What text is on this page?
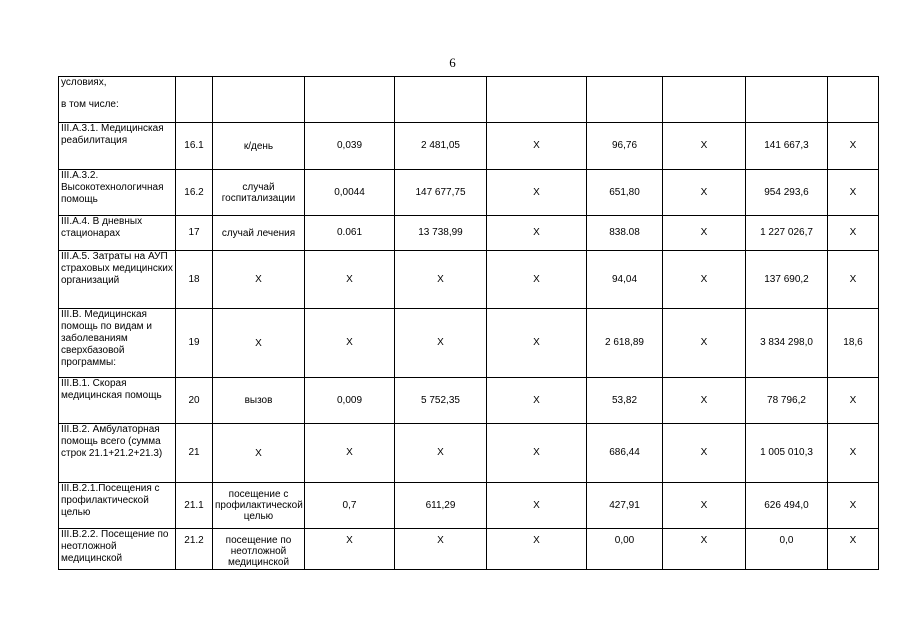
6
условиях,
в том числе:									

III.А.3.1. Медицинская реабилитация	16.1	к/день	0,039	2 481,05	Х	96,76	Х	141 667,3	Х
III.А.3.2. Высокотехнологичная помощь	16.2	случай госпитализации	0,0044	147 677,75	Х	651,80	Х	954 293,6	Х
III.А.4. В дневных стационарах	17	случай лечения	0.061	13 738,99	Х	838.08	Х	1 227 026,7	Х
III.А.5. Затраты на АУП страховых медицинских организаций	18	Х	Х	Х	Х	94,04	Х	137 690,2	Х
III.В. Медицинская помощь по видам и заболеваниям сверхбазовой программы:	19	Х	Х	Х	Х	2 618,89	Х	3 834 298,0	18,6
III.В.1. Скорая медицинская помощь	20	вызов	0,009	5 752,35	Х	53,82	Х	78 796,2	Х
III.В.2. Амбулаторная помощь всего (сумма строк 21.1+21.2+21.3)	21	Х	Х	Х	Х	686,44	Х	1 005 010,3	Х
III.В.2.1.Посещения с профилактической целью	21.1	посещение с профилактической целью	0,7	611,29	Х	427,91	Х	626 494,0	Х
III.В.2.2. Посещение по неотложной медицинской	21.2	посещение по неотложной медицинской	Х	Х	Х	0,00	Х	0,0	Х
